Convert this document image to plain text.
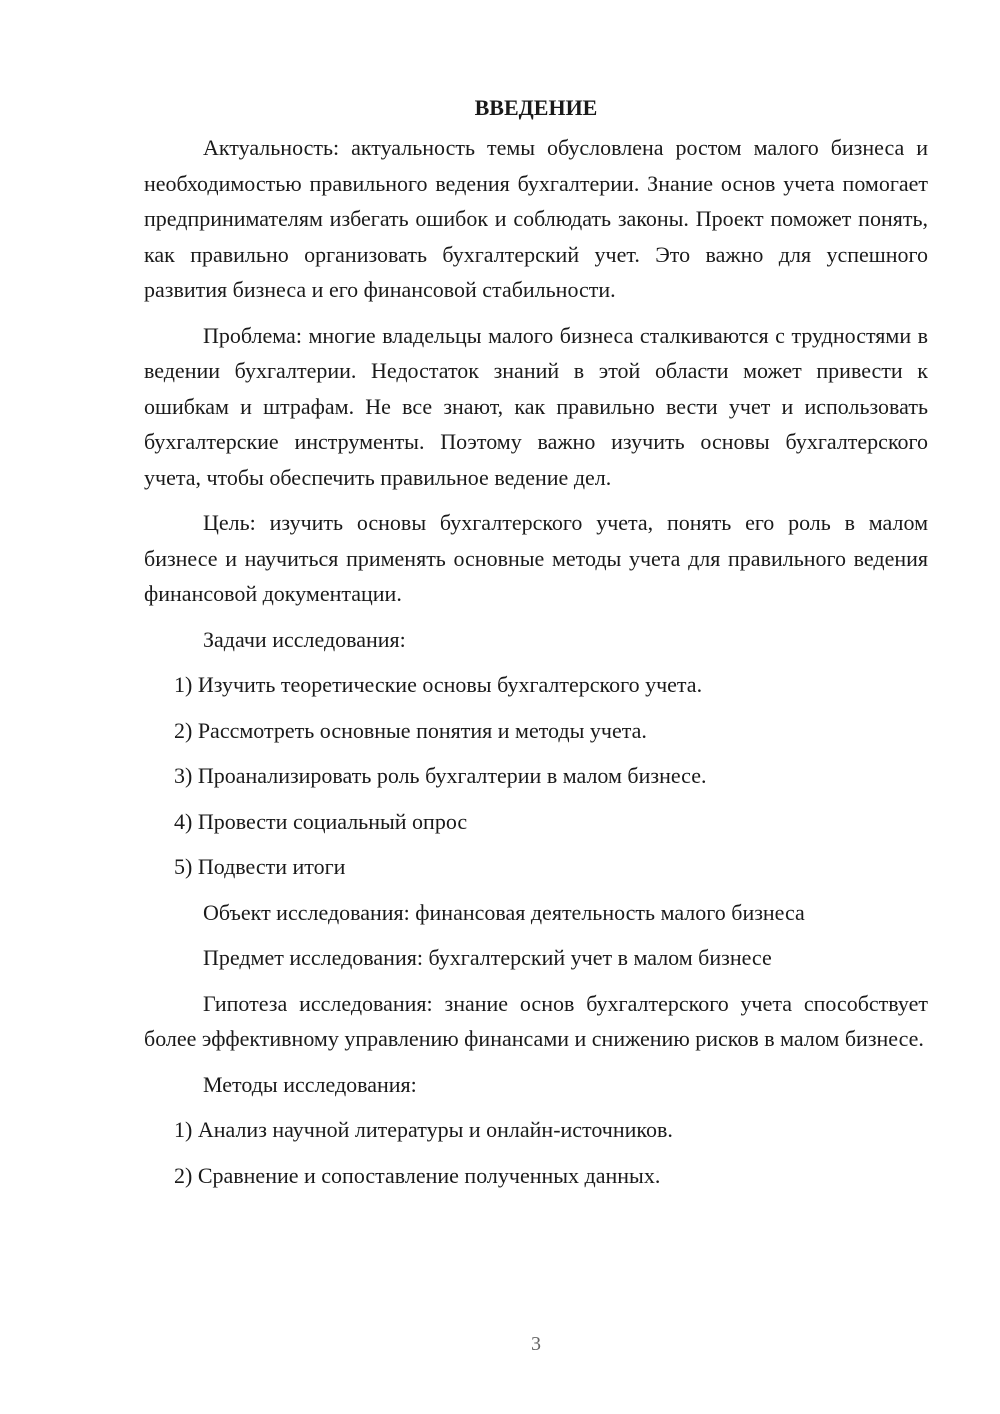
ВВЕДЕНИЕ
Актуальность: актуальность темы обусловлена ростом малого бизнеса и необходимостью правильного ведения бухгалтерии. Знание основ учета помогает предпринимателям избегать ошибок и соблюдать законы. Проект поможет понять, как правильно организовать бухгалтерский учет. Это важно для успешного развития бизнеса и его финансовой стабильности.
Проблема: многие владельцы малого бизнеса сталкиваются с трудностями в ведении бухгалтерии. Недостаток знаний в этой области может привести к ошибкам и штрафам. Не все знают, как правильно вести учет и использовать бухгалтерские инструменты. Поэтому важно изучить основы бухгалтерского учета, чтобы обеспечить правильное ведение дел.
Цель: изучить основы бухгалтерского учета, понять его роль в малом бизнесе и научиться применять основные методы учета для правильного ведения финансовой документации.
Задачи исследования:
1) Изучить теоретические основы бухгалтерского учета.
2) Рассмотреть основные понятия и методы учета.
3) Проанализировать роль бухгалтерии в малом бизнесе.
4) Провести социальный опрос
5) Подвести итоги
Объект исследования: финансовая деятельность малого бизнеса
Предмет исследования: бухгалтерский учет в малом бизнесе
Гипотеза исследования: знание основ бухгалтерского учета способствует более эффективному управлению финансами и снижению рисков в малом бизнесе.
Методы исследования:
1) Анализ научной литературы и онлайн-источников.
2) Сравнение и сопоставление полученных данных.
3
